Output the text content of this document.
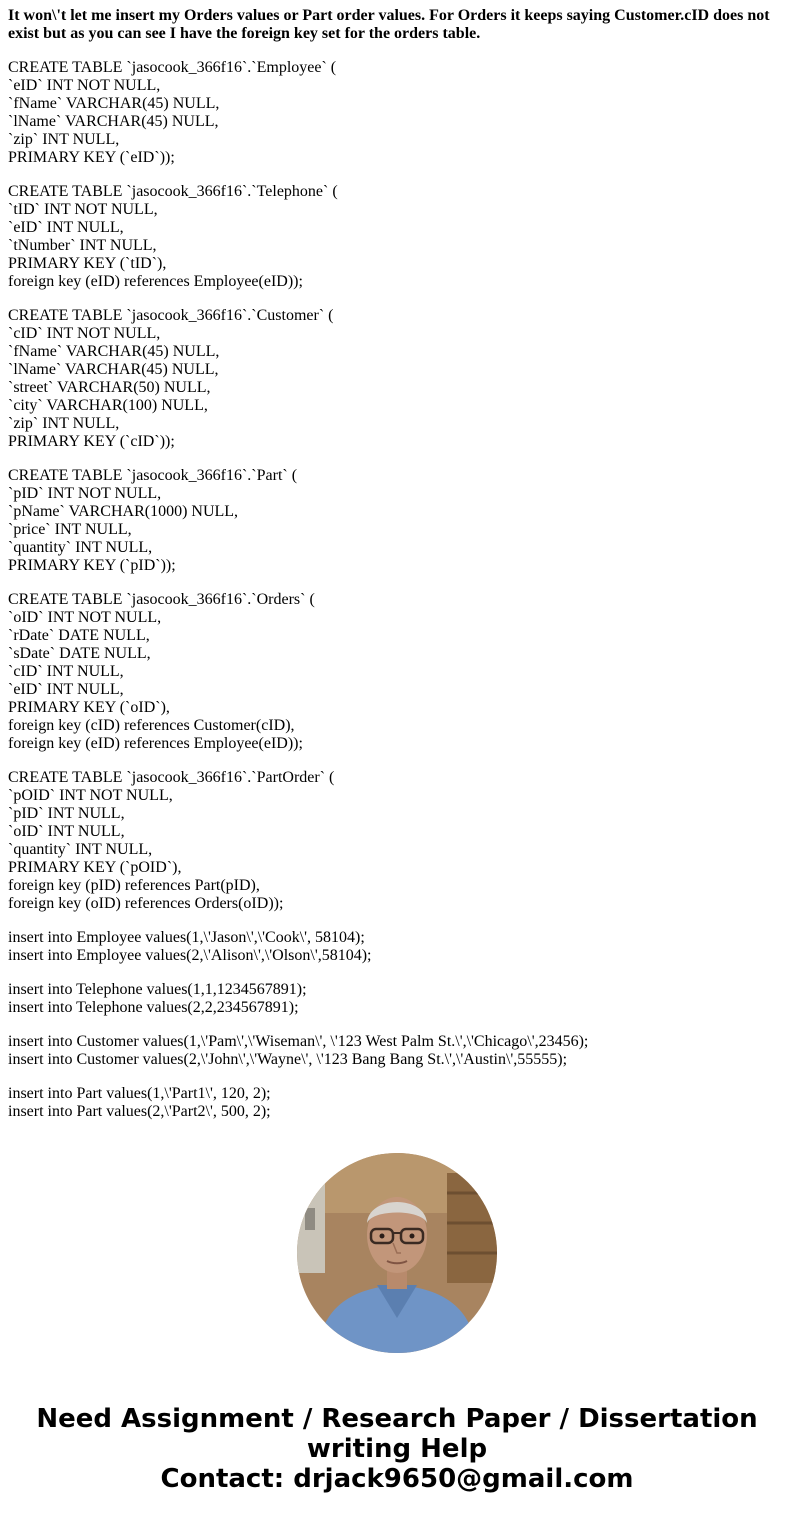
It won\'t let me insert my Orders values or Part order values. For Orders it keeps saying Customer.cID does not exist but as you can see I have the foreign key set for the orders table.
CREATE TABLE `jasocook_366f16`.`Employee` (
`eID` INT NOT NULL,
`fName` VARCHAR(45) NULL,
`lName` VARCHAR(45) NULL,
`zip` INT NULL,
PRIMARY KEY (`eID`));
CREATE TABLE `jasocook_366f16`.`Telephone` (
`tID` INT NOT NULL,
`eID` INT NULL,
`tNumber` INT NULL,
PRIMARY KEY (`tID`),
foreign key (eID) references Employee(eID));
CREATE TABLE `jasocook_366f16`.`Customer` (
`cID` INT NOT NULL,
`fName` VARCHAR(45) NULL,
`lName` VARCHAR(45) NULL,
`street` VARCHAR(50) NULL,
`city` VARCHAR(100) NULL,
`zip` INT NULL,
PRIMARY KEY (`cID`));
CREATE TABLE `jasocook_366f16`.`Part` (
`pID` INT NOT NULL,
`pName` VARCHAR(1000) NULL,
`price` INT NULL,
`quantity` INT NULL,
PRIMARY KEY (`pID`));
CREATE TABLE `jasocook_366f16`.`Orders` (
`oID` INT NOT NULL,
`rDate` DATE NULL,
`sDate` DATE NULL,
`cID` INT NULL,
`eID` INT NULL,
PRIMARY KEY (`oID`),
foreign key (cID) references Customer(cID),
foreign key (eID) references Employee(eID));
CREATE TABLE `jasocook_366f16`.`PartOrder` (
`pOID` INT NOT NULL,
`pID` INT NULL,
`oID` INT NULL,
`quantity` INT NULL,
PRIMARY KEY (`pOID`),
foreign key (pID) references Part(pID),
foreign key (oID) references Orders(oID));
insert into Employee values(1,\'Jason\',\'Cook\', 58104);
insert into Employee values(2,\'Alison\',\'Olson\',58104);
insert into Telephone values(1,1,1234567891);
insert into Telephone values(2,2,234567891);
insert into Customer values(1,\'Pam\',\'Wiseman\', \'123 West Palm St.\',\'Chicago\',23456);
insert into Customer values(2,\'John\',\'Wayne\', \'123 Bang Bang St.\',\'Austin\',55555);
insert into Part values(1,\'Part1\', 120, 2);
insert into Part values(2,\'Part2\', 500, 2);
Need Assignment / Research Paper / Dissertation
writing Help
Contact: drjack9650@gmail.com
